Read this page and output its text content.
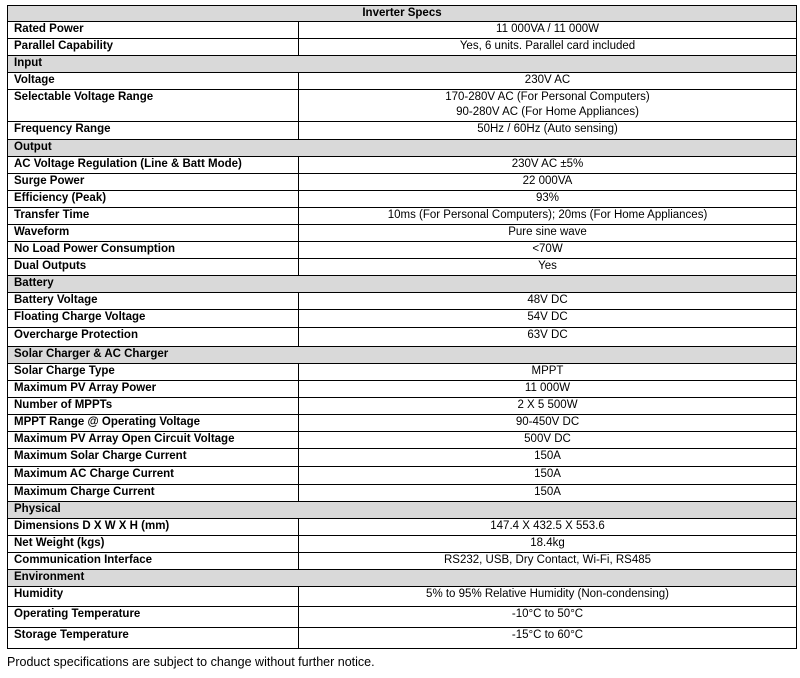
Inverter Specs	
Rated Power	11 000VA / 11 000W
Parallel Capability	Yes, 6 units. Parallel card included
Input	
Voltage	230V AC
Selectable Voltage Range	170-280V AC (For Personal Computers)
90-280V AC (For Home Appliances)
Frequency Range	50Hz / 60Hz (Auto sensing)
Output	
AC Voltage Regulation (Line & Batt Mode)	230V AC ±5%
Surge Power	22 000VA
Efficiency (Peak)	93%
Transfer Time	10ms (For Personal Computers); 20ms (For Home Appliances)
Waveform	Pure sine wave
No Load Power Consumption	<70W
Dual Outputs	Yes
Battery	
Battery Voltage	48V DC
Floating Charge Voltage	54V DC
Overcharge Protection	63V DC
Solar Charger & AC Charger	
Solar Charge Type	MPPT
Maximum PV Array Power	11 000W
Number of MPPTs	2 X 5 500W
MPPT Range @ Operating Voltage	90-450V DC
Maximum PV Array Open Circuit Voltage	500V DC
Maximum Solar Charge Current	150A
Maximum AC Charge Current	150A
Maximum Charge Current	150A
Physical	
Dimensions D X W X H (mm)	147.4 X 432.5 X 553.6
Net Weight (kgs)	18.4kg
Communication Interface	RS232, USB, Dry Contact, Wi-Fi, RS485
Environment	
Humidity	5% to 95% Relative Humidity (Non-condensing)
Operating Temperature	-10°C to 50°C
Storage Temperature	-15°C to 60°C
Product specifications are subject to change without further notice.
